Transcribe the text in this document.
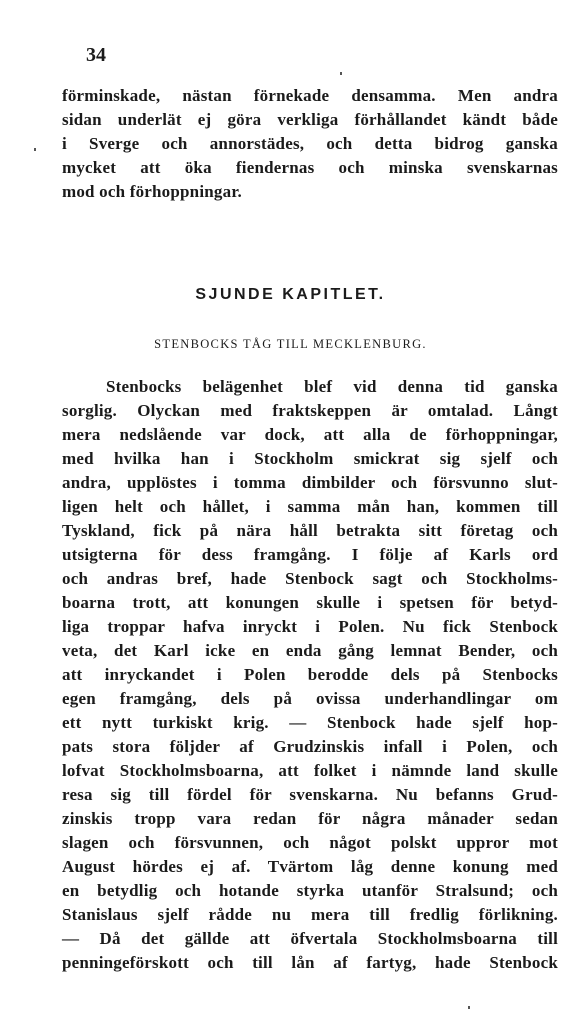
34
förminskade, nästan förnekade densamma. Men andra
sidan underlät ej göra verkliga förhållandet kändt både
i Sverge och annorstädes, och detta bidrog ganska
mycket att öka fiendernas och minska svenskarnas
mod och förhoppningar.
SJUNDE KAPITLET.
STENBOCKS TÅG TILL MECKLENBURG.
Stenbocks belägenhet blef vid denna tid ganska
sorglig. Olyckan med fraktskeppen är omtalad. Långt
mera nedslående var dock, att alla de förhoppningar,
med hvilka han i Stockholm smickrat sig sjelf och
andra, upplöstes i tomma dimbilder och försvunno slut-
ligen helt och hållet, i samma mån han, kommen till
Tyskland, fick på nära håll betrakta sitt företag och
utsigterna för dess framgång. I följe af Karls ord
och andras bref, hade Stenbock sagt och Stockholms-
boarna trott, att konungen skulle i spetsen för betyd-
liga troppar hafva inryckt i Polen. Nu fick Stenbock
veta, det Karl icke en enda gång lemnat Bender, och
att inryckandet i Polen berodde dels på Stenbocks
egen framgång, dels på ovissa underhandlingar om
ett nytt turkiskt krig. — Stenbock hade sjelf hop-
pats stora följder af Grudzinskis infall i Polen, och
lofvat Stockholmsboarna, att folket i nämnde land skulle
resa sig till fördel för svenskarna. Nu befanns Grud-
zinskis tropp vara redan för några månader sedan
slagen och försvunnen, och något polskt uppror mot
August hördes ej af. Tvärtom låg denne konung med
en betydlig och hotande styrka utanför Stralsund; och
Stanislaus sjelf rådde nu mera till fredlig förlikning.
— Då det gällde att öfvertala Stockholmsboarna till
penningeförskott och till lån af fartyg, hade Stenbock
